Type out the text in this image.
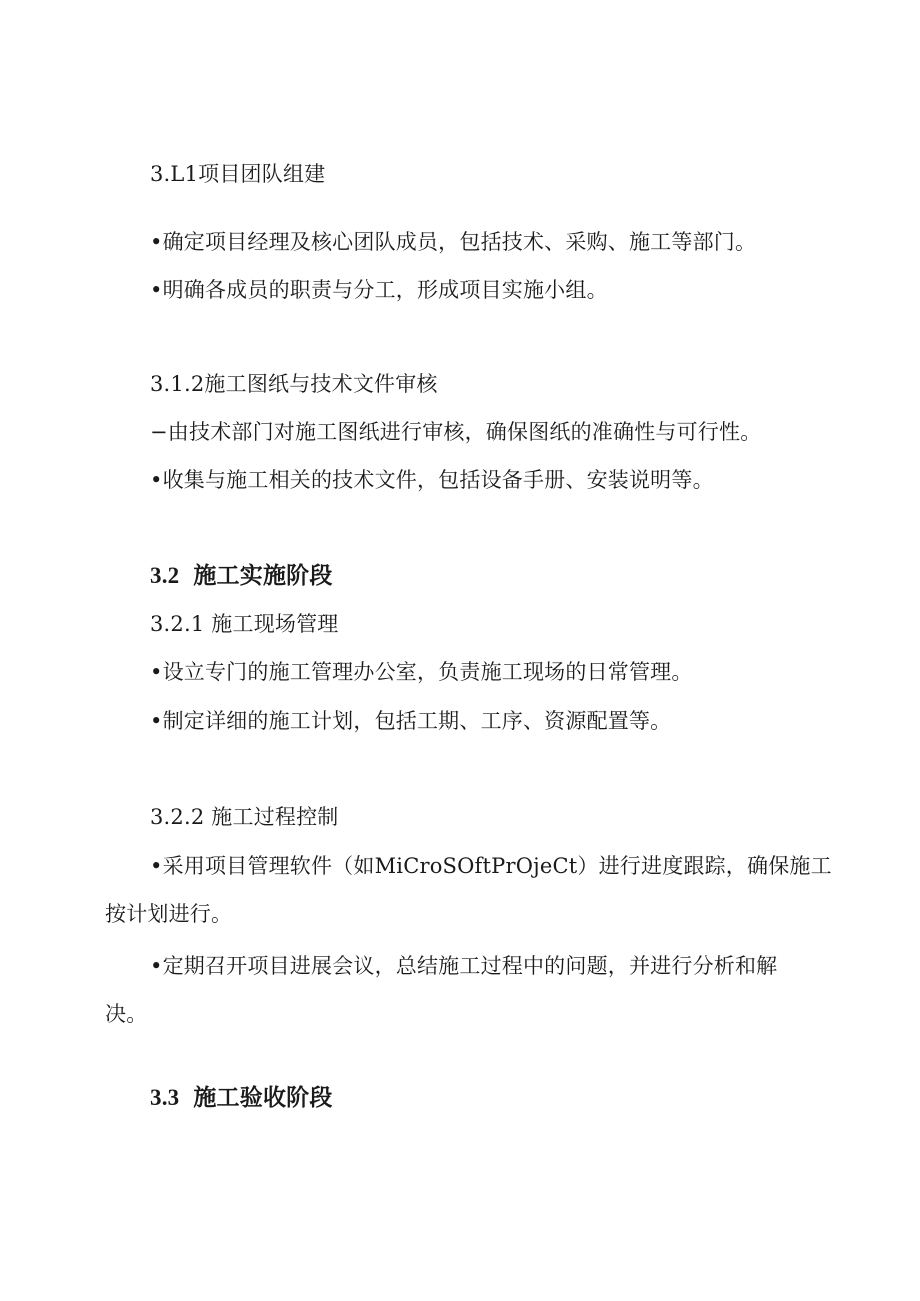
3.L1项目团队组建
•确定项目经理及核心团队成员，包括技术、采购、施工等部门。
•明确各成员的职责与分工，形成项目实施小组。
3.1.2施工图纸与技术文件审核
−由技术部门对施工图纸进行审核，确保图纸的准确性与可行性。
•收集与施工相关的技术文件，包括设备手册、安装说明等。
3.2 施工实施阶段
3.2.1 施工现场管理
•设立专门的施工管理办公室，负责施工现场的日常管理。
•制定详细的施工计划，包括工期、工序、资源配置等。
3.2.2 施工过程控制
•采用项目管理软件（如MiCroSOftPrOjeCt）进行进度跟踪，确保施工
按计划进行。
•定期召开项目进展会议，总结施工过程中的问题，并进行分析和解
决。
3.3 施工验收阶段
